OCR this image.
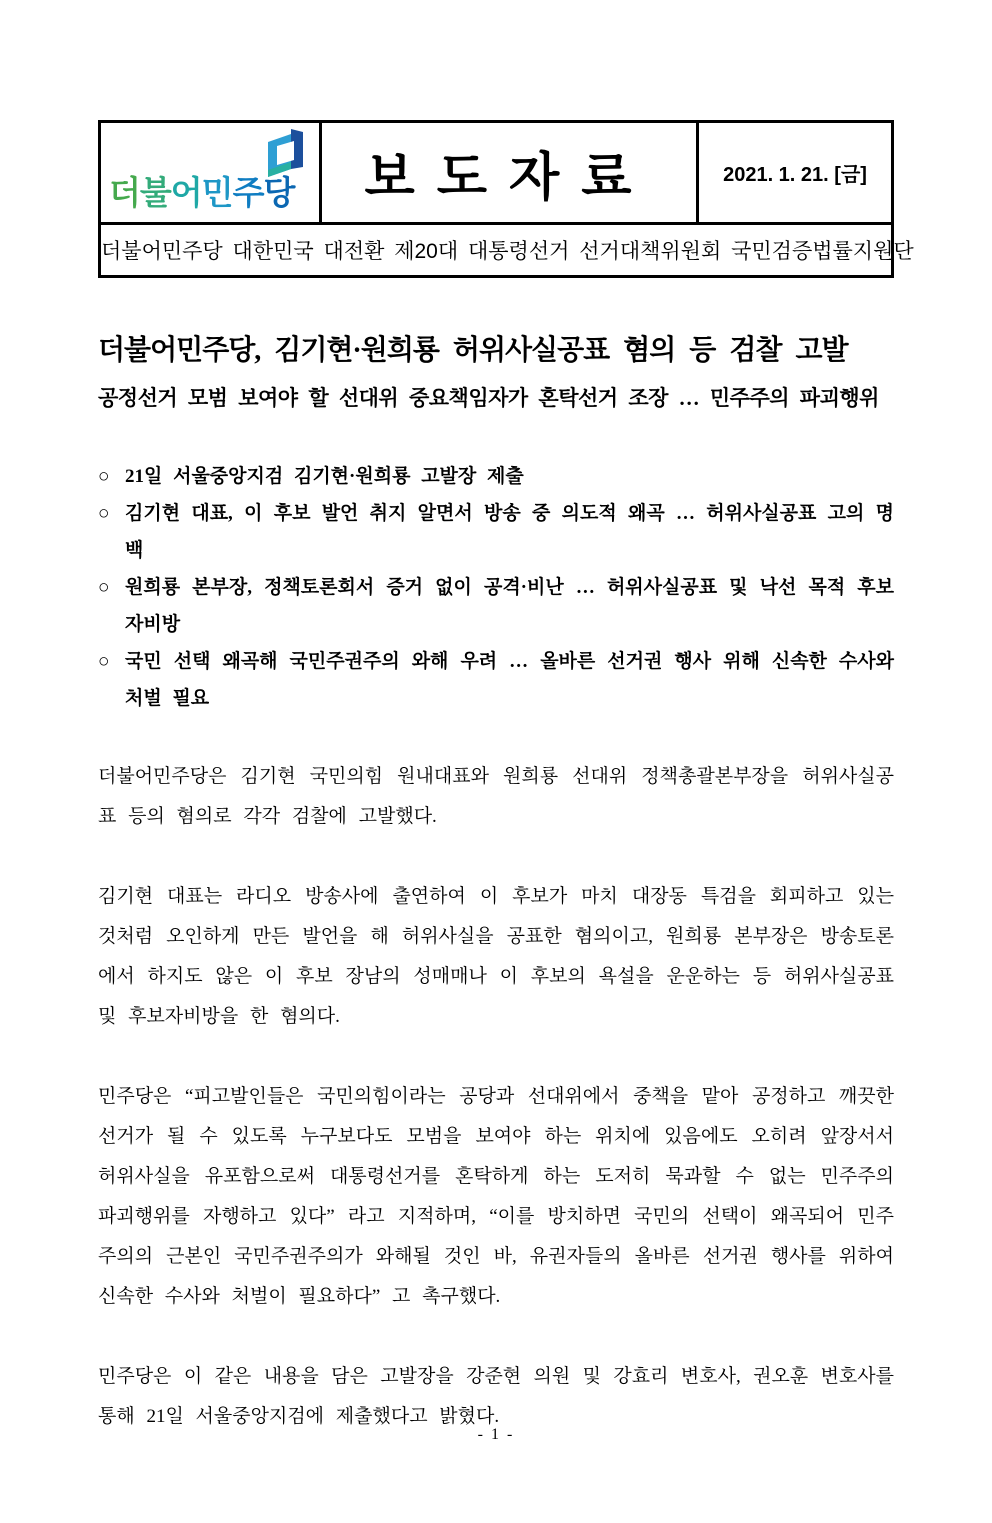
더불어민주당	보도자료	2021. 1. 21. [금]
더불어민주당 대한민국 대전환 제20대 대통령선거 선거대책위원회 국민검증법률지원단
더불어민주당, 김기현·원희룡 허위사실공표 혐의 등 검찰 고발
공정선거 모범 보여야 할 선대위 중요책임자가 혼탁선거 조장 … 민주주의 파괴행위
○ 21일 서울중앙지검 김기현·원희룡 고발장 제출
○ 김기현 대표, 이 후보 발언 취지 알면서 방송 중 의도적 왜곡 … 허위사실공표 고의 명백
○ 원희룡 본부장, 정책토론회서 증거 없이 공격·비난 … 허위사실공표 및 낙선 목적 후보자비방
○ 국민 선택 왜곡해 국민주권주의 와해 우려 … 올바른 선거권 행사 위해 신속한 수사와 처벌 필요

더불어민주당은 김기현 국민의힘 원내대표와 원희룡 선대위 정책총괄본부장을 허위사실공표 등의 혐의로 각각 검찰에 고발했다.

김기현 대표는 라디오 방송사에 출연하여 이 후보가 마치 대장동 특검을 회피하고 있는 것처럼 오인하게 만든 발언을 해 허위사실을 공표한 혐의이고, 원희룡 본부장은 방송토론에서 하지도 않은 이 후보 장남의 성매매나 이 후보의 욕설을 운운하는 등 허위사실공표 및 후보자비방을 한 혐의다.

민주당은 “피고발인들은 국민의힘이라는 공당과 선대위에서 중책을 맡아 공정하고 깨끗한 선거가 될 수 있도록 누구보다도 모범을 보여야 하는 위치에 있음에도 오히려 앞장서서 허위사실을 유포함으로써 대통령선거를 혼탁하게 하는 도저히 묵과할 수 없는 민주주의 파괴행위를 자행하고 있다” 라고 지적하며, “이를 방치하면 국민의 선택이 왜곡되어 민주주의의 근본인 국민주권주의가 와해될 것인 바, 유권자들의 올바른 선거권 행사를 위하여 신속한 수사와 처벌이 필요하다” 고 촉구했다.

민주당은 이 같은 내용을 담은 고발장을 강준현 의원 및 강효리 변호사, 권오훈 변호사를 통해 21일 서울중앙지검에 제출했다고 밝혔다.

- 1 -
